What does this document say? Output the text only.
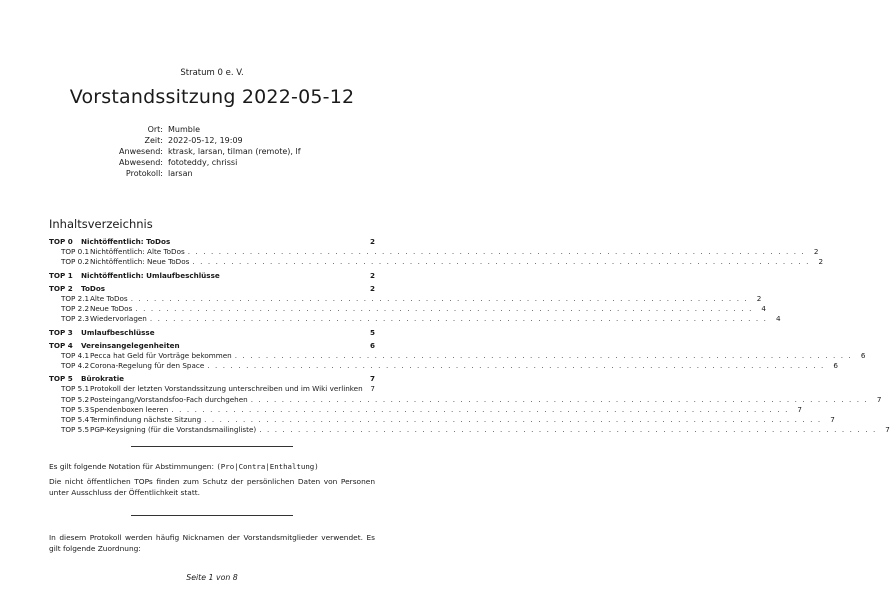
Stratum 0 e. V.
Vorstandssitzung 2022-05-12
Ort: Mumble
Zeit: 2022-05-12, 19:09
Anwesend: ktrask, larsan, tilman (remote), lf
Abwesend: fototeddy, chrissi
Protokoll: larsan
Inhaltsverzeichnis
TOP 0	Nichtöffentlich: ToDos	2
TOP 0.1 Nichtöffentlich: Alte ToDos . . .	2
TOP 0.2 Nichtöffentlich: Neue ToDos . . .	2
TOP 1	Nichtöffentlich: Umlaufbeschlüsse	2
TOP 2	ToDos	2
TOP 2.1 Alte ToDos . . .	2
TOP 2.2 Neue ToDos . . .	4
TOP 2.3 Wiedervorlagen . . .	4
TOP 3	Umlaufbeschlüsse	5
TOP 4	Vereinsangelegenheiten	6
TOP 4.1 Pecca hat Geld für Vorträge bekommen . . .	6
TOP 4.2 Corona-Regelung für den Space . . .	6
TOP 5	Bürokratie	7
TOP 5.1 Protokoll der letzten Vorstandssitzung unterschreiben und im Wiki verlinken	7
TOP 5.2 Posteingang/Vorstandsfoo-Fach durchgehen . . .	7
TOP 5.3 Spendenboxen leeren . . .	7
TOP 5.4 Terminfindung nächste Sitzung . . .	7
TOP 5.5 PGP-Keysigning (für die Vorstandsmailingliste) . . .	7
Es gilt folgende Notation für Abstimmungen: (Pro|Contra|Enthaltung)
Die nicht öffentlichen TOPs finden zum Schutz der persönlichen Daten von Personen unter Ausschluss der Öffentlichkeit statt.
In diesem Protokoll werden häufig Nicknamen der Vorstandsmitglieder verwendet. Es gilt folgende Zuordnung:
Seite 1 von 8
